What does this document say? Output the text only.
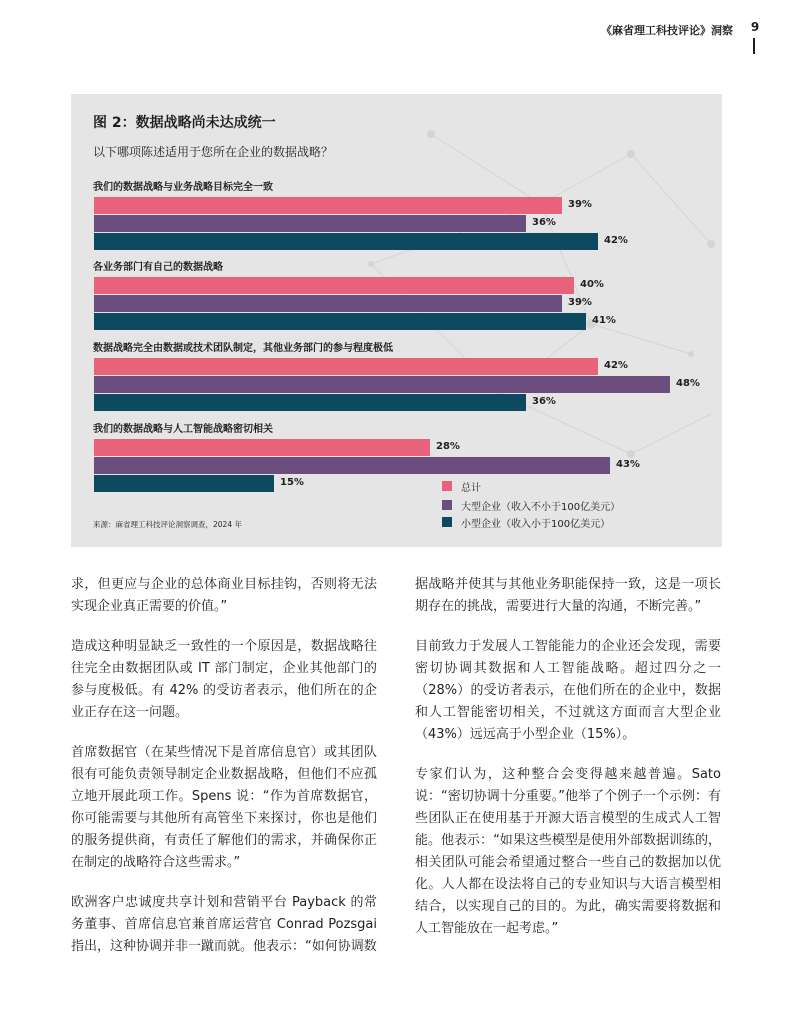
《麻省理工科技评论》洞察	9
图 2：数据战略尚未达成统一
以下哪项陈述适用于您所在企业的数据战略？
我们的数据战略与业务战略目标完全一致
39%
36%
42%
各业务部门有自己的数据战略
40%
39%
41%
数据战略完全由数据或技术团队制定，其他业务部门的参与程度极低
42%
48%
36%
我们的数据战略与人工智能战略密切相关
28%
43%
15%
总计
大型企业（收入不小于100亿美元）
小型企业（收入小于100亿美元）
来源：麻省理工科技评论洞察调查，2024 年

求，但更应与企业的总体商业目标挂钩，否则将无法实现企业真正需要的价值。”

造成这种明显缺乏一致性的一个原因是，数据战略往往完全由数据团队或 IT 部门制定，企业其他部门的参与度极低。有 42% 的受访者表示，他们所在的企业正存在这一问题。

首席数据官（在某些情况下是首席信息官）或其团队很有可能负责领导制定企业数据战略，但他们不应孤立地开展此项工作。Spens 说：“作为首席数据官，你可能需要与其他所有高管坐下来探讨，你也是他们的服务提供商，有责任了解他们的需求，并确保你正在制定的战略符合这些需求。”

欧洲客户忠诚度共享计划和营销平台 Payback 的常务董事、首席信息官兼首席运营官 Conrad Pozsgai 指出，这种协调并非一蹴而就。他表示：“如何协调数

据战略并使其与其他业务职能保持一致，这是一项长期存在的挑战，需要进行大量的沟通，不断完善。”

目前致力于发展人工智能能力的企业还会发现，需要密切协调其数据和人工智能战略。超过四分之一（28%）的受访者表示，在他们所在的企业中，数据和人工智能密切相关，不过就这方面而言大型企业（43%）远远高于小型企业（15%）。

专家们认为，这种整合会变得越来越普遍。Sato 说：“密切协调十分重要。”他举了个例子一个示例：有些团队正在使用基于开源大语言模型的生成式人工智能。他表示：“如果这些模型是使用外部数据训练的，相关团队可能会希望通过整合一些自己的数据加以优化。人人都在设法将自己的专业知识与大语言模型相结合，以实现自己的目的。为此，确实需要将数据和人工智能放在一起考虑。”
